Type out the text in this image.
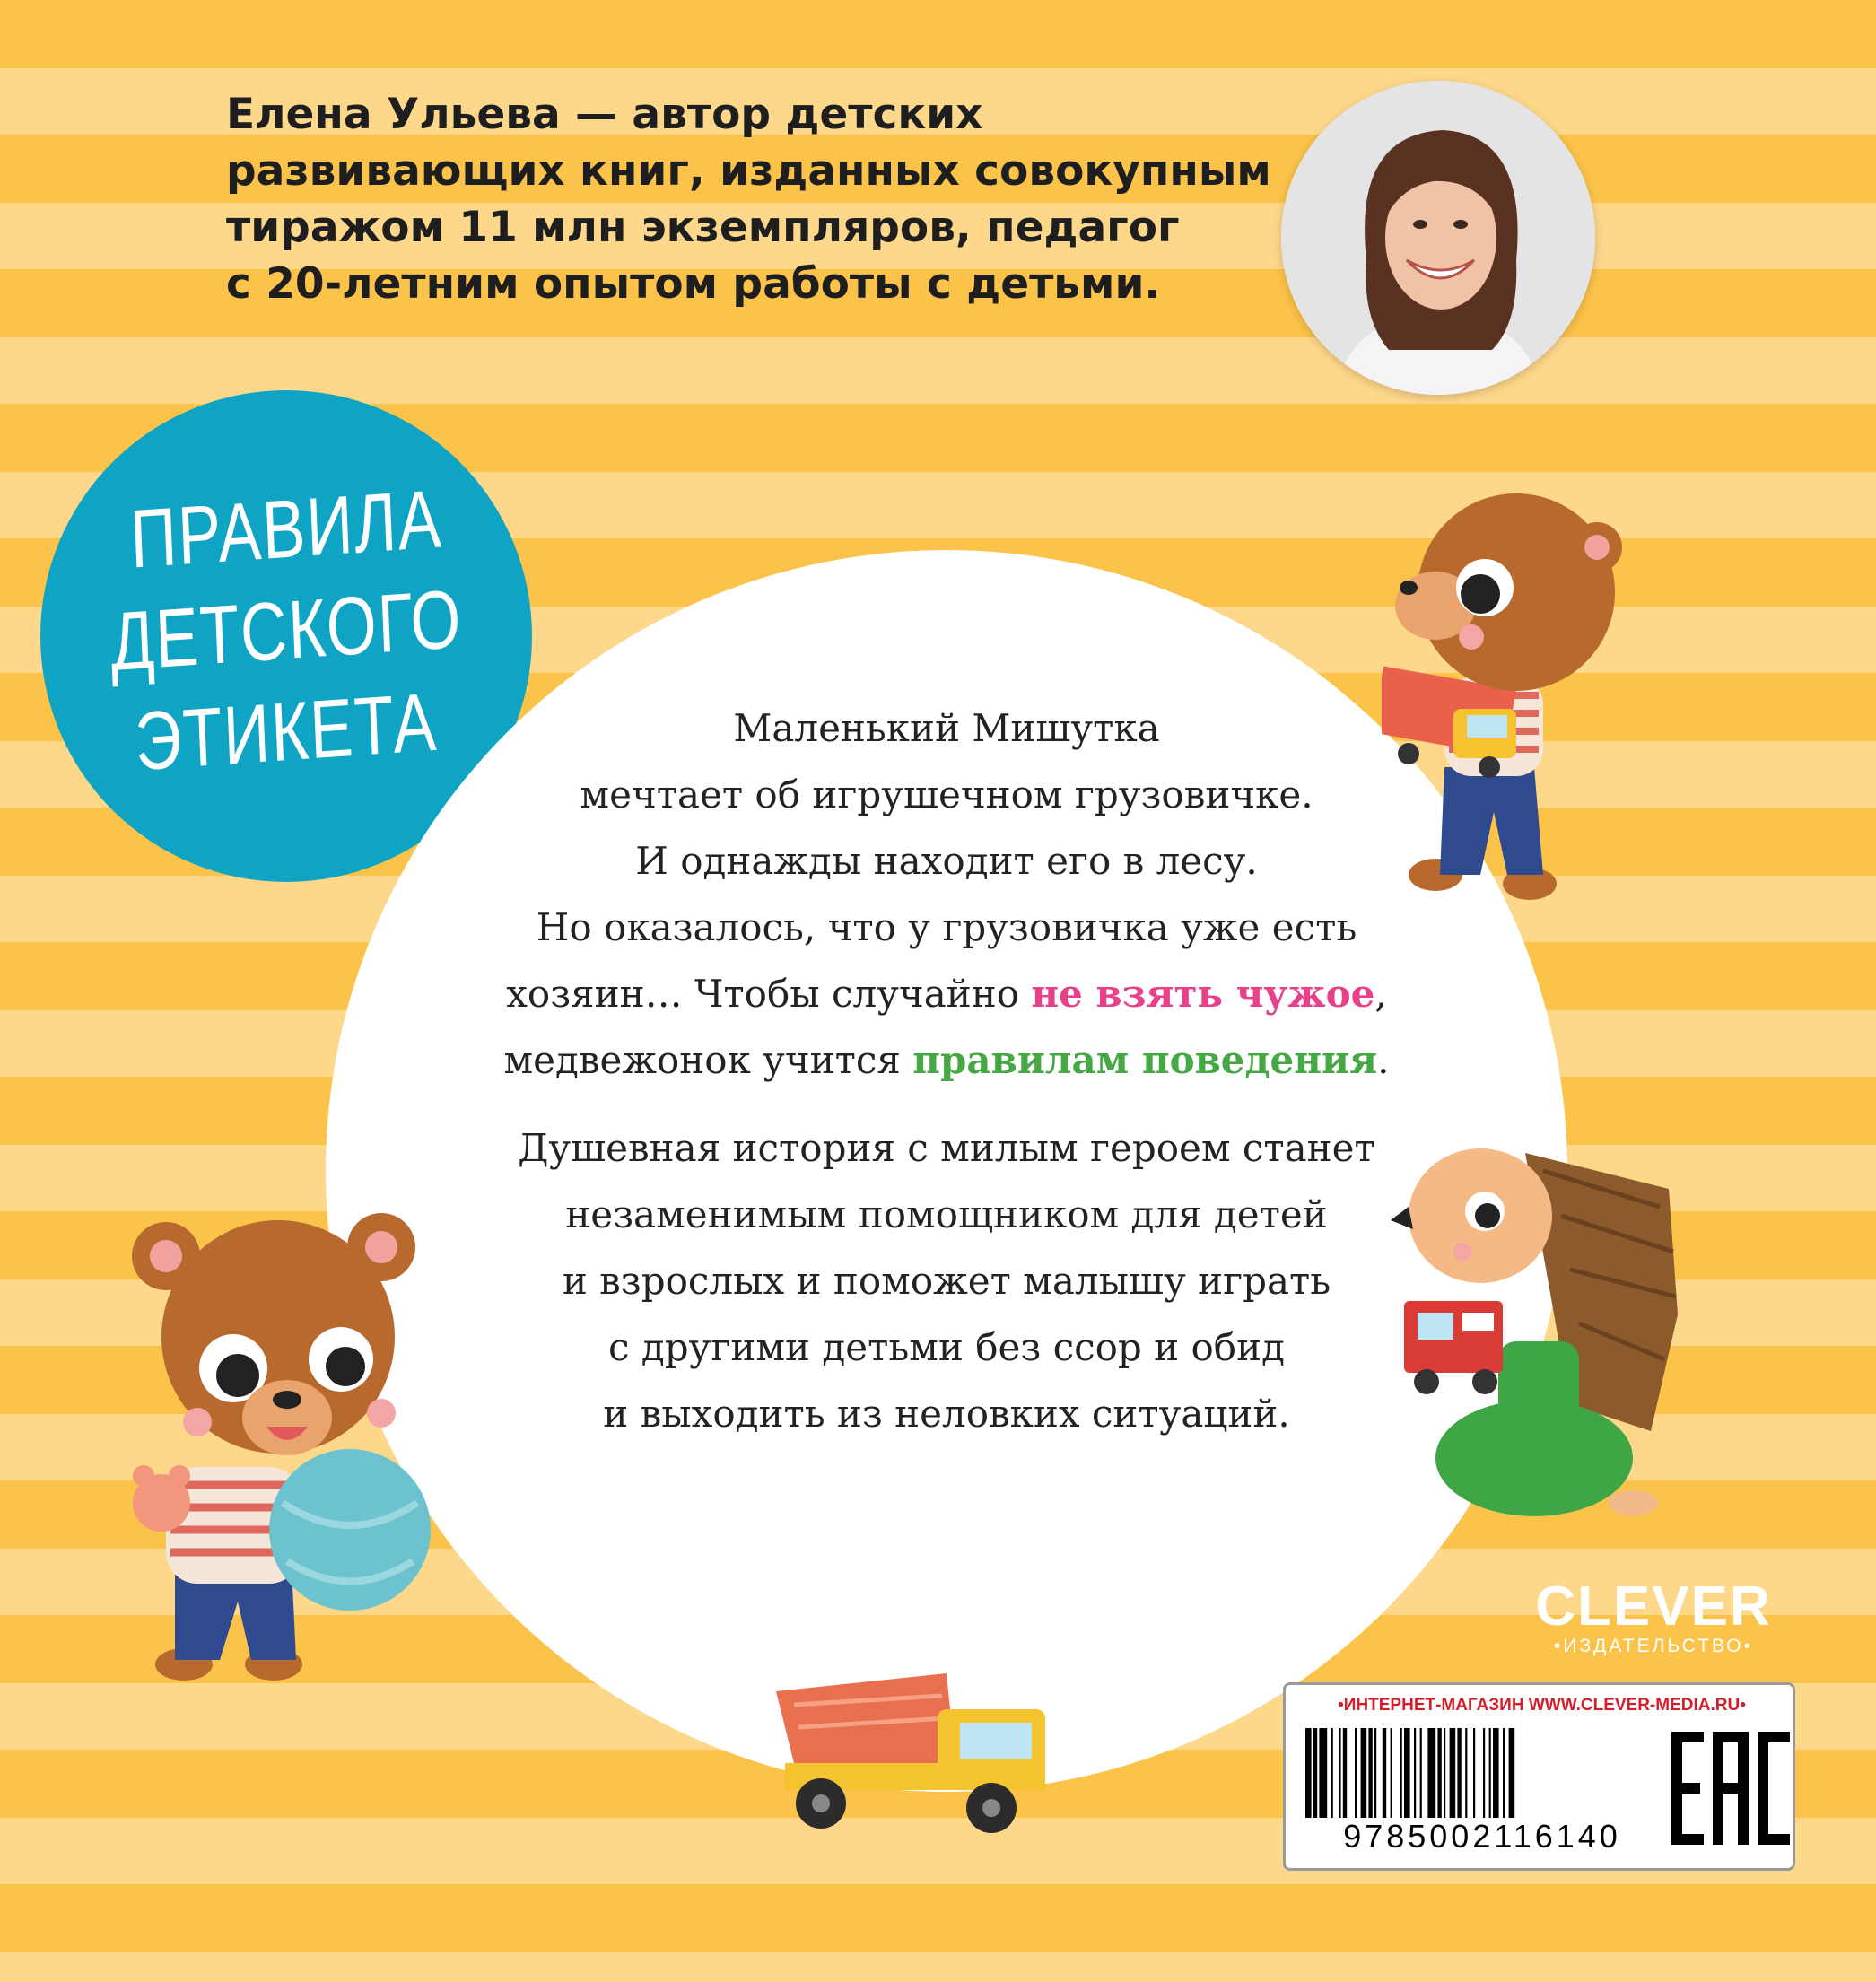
Елена Ульева — автор детских
развивающих книг, изданных совокупным
тиражом 11 млн экземпляров, педагог
с 20-летним опытом работы с детьми.
ПРАВИЛА
ДЕТСКОГО
ЭТИКЕТА	Маленький Мишутка
мечтает об игрушечном грузовичке.
И однажды находит его в лесу.
Но оказалось, что у грузовичка уже есть
хозяин… Чтобы случайно не взять чужое,
медвежонок учится правилам поведения.

Душевная история с милым героем станет
незаменимым помощником для детей
и взрослых и поможет малышу играть
с другими детьми без ссор и обид
и выходить из неловких ситуаций.

CLEVER
•ИЗДАТЕЛЬСТВО•
•ИНТЕРНЕТ-МАГАЗИН WWW.CLEVER-MEDIA.RU•
9785002116140
